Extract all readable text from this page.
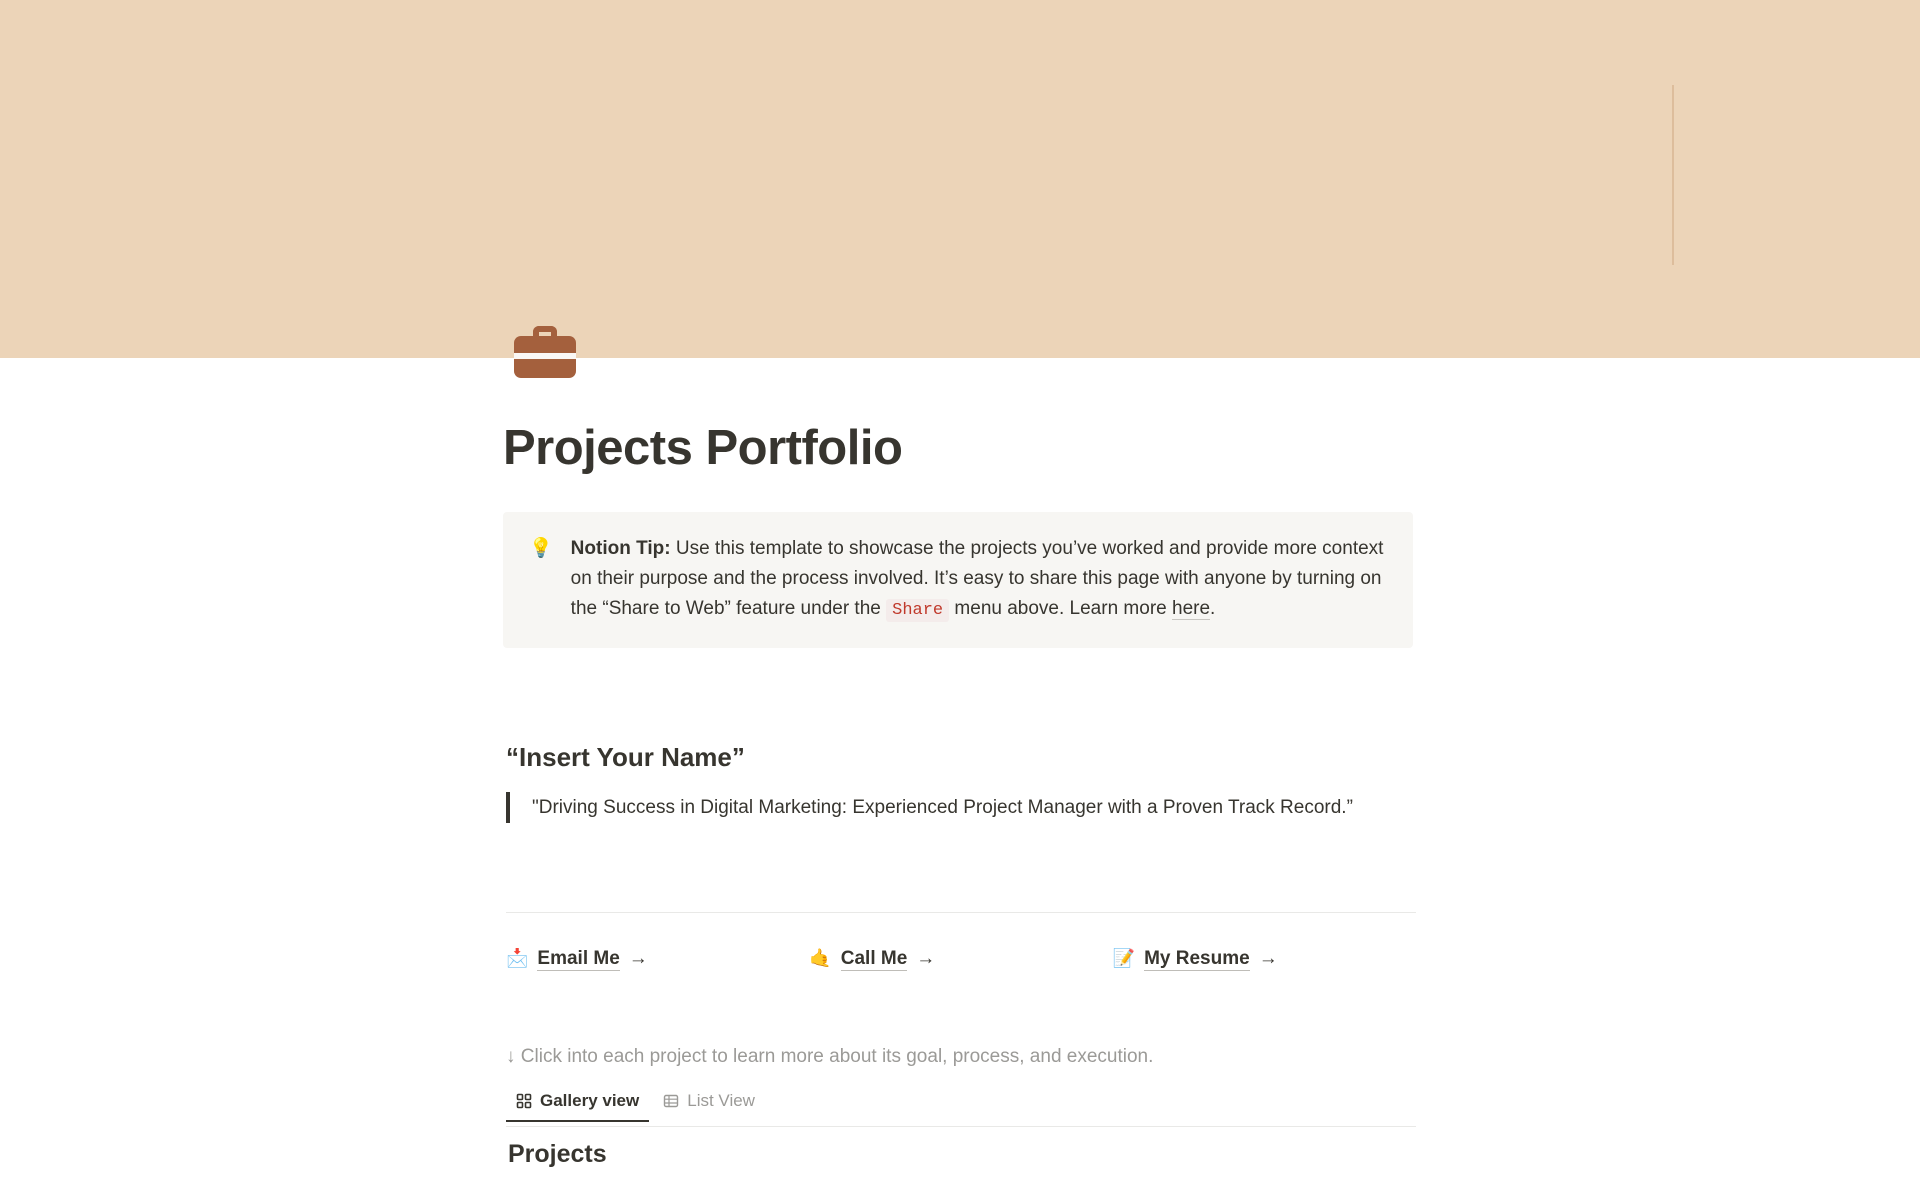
Projects Portfolio
💡 Notion Tip: Use this template to showcase the projects you’ve worked and provide more context on their purpose and the process involved. It’s easy to share this page with anyone by turning on the “Share to Web” feature under the Share menu above. Learn more here.
“Insert Your Name”
"Driving Success in Digital Marketing: Experienced Project Manager with a Proven Track Record.”
📩 Email Me →	🤙 Call Me →	📝 My Resume →
↓ Click into each project to learn more about its goal, process, and execution.
Gallery view	List View
Projects
